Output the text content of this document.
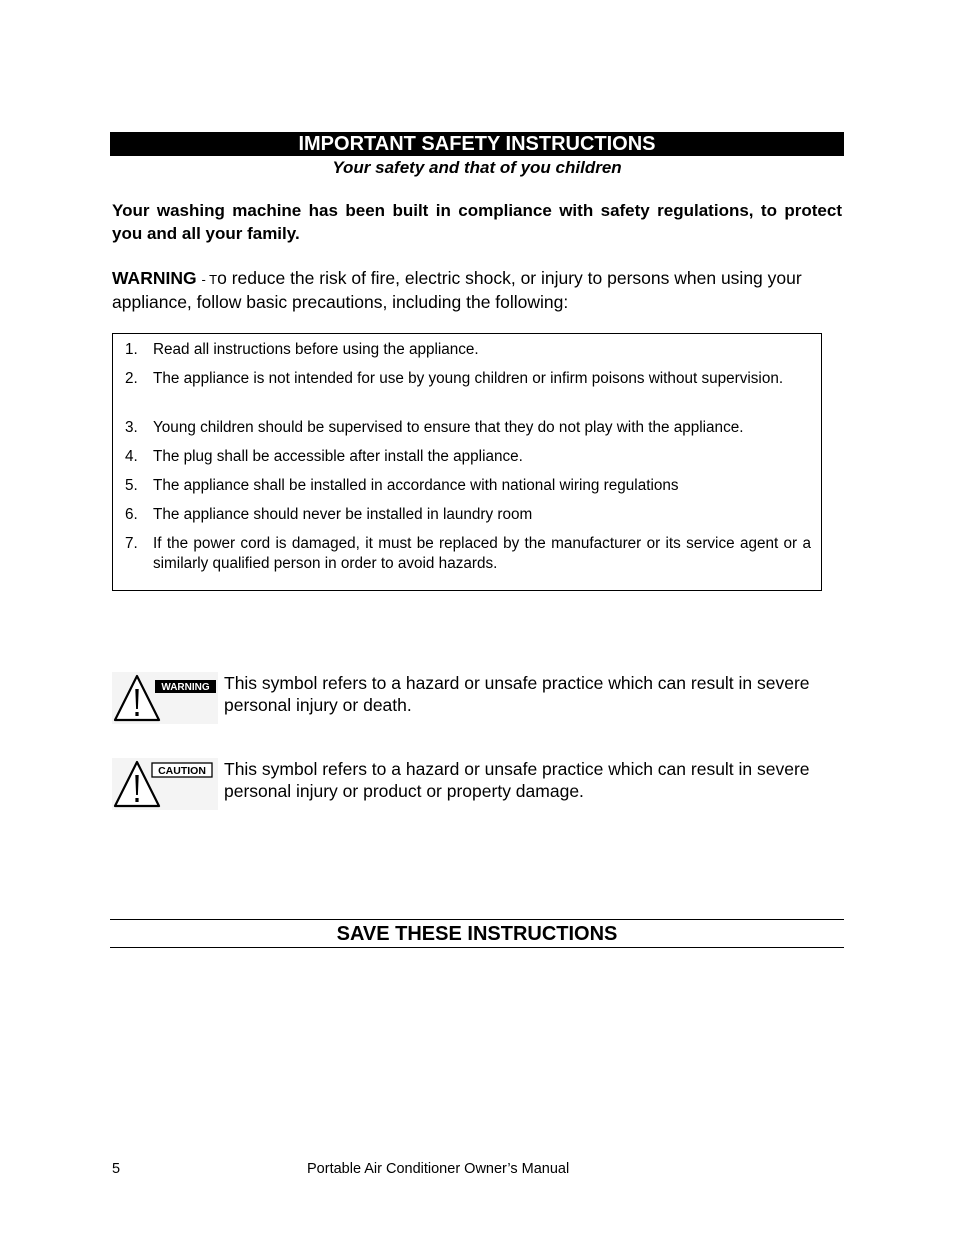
IMPORTANT SAFETY INSTRUCTIONS
Your safety and that of you children
Your washing machine has been built in compliance with safety regulations, to protect you and all your family.
WARNING - To reduce the risk of fire, electric shock, or injury to persons when using your appliance, follow basic precautions, including the following:
1. Read all instructions before using the appliance.
2. The appliance is not intended for use by young children or infirm poisons without supervision.
3. Young children should be supervised to ensure that they do not play with the appliance.
4. The plug shall be accessible after install the appliance.
5. The appliance shall be installed in accordance with national wiring regulations
6. The appliance should never be installed in laundry room
7. If the power cord is damaged, it must be replaced by the manufacturer or its service agent or a similarly qualified person in order to avoid hazards.
WARNING This symbol refers to a hazard or unsafe practice which can result in severe personal injury or death.
CAUTION This symbol refers to a hazard or unsafe practice which can result in severe personal injury or product or property damage.
SAVE THESE INSTRUCTIONS
5	Portable Air Conditioner Owner’s Manual
